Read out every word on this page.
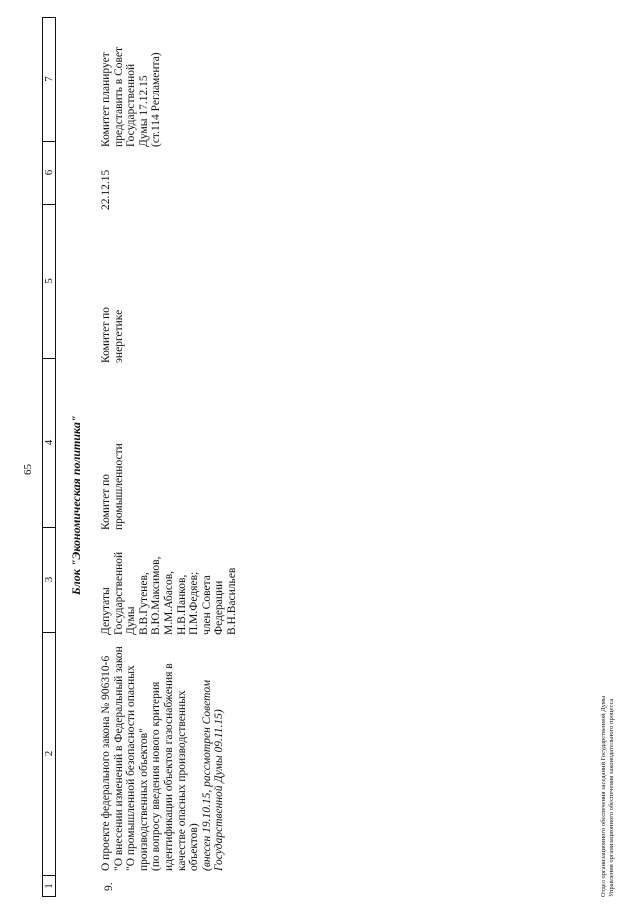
65
1
2
3
4
5
6
7
Блок "Экономическая политика"
9.
О проекте федерального закона № 906310-6 "О внесении изменений в Федеральный закон "О промышленной безопасности опасных производственных объектов" (по вопросу введения нового критерия идентификации объектов газоснабжения в качестве опасных производственных объектов) (внесен 19.10.15, рассмотрен Советом Государственной Думы 09.11.15)
Депутаты Государственной Думы В.В.Гутенев, В.Ю.Максимов, М.М.Абасов, Н.В.Панков, П.М.Федяев; член Совета Федерации В.Н.Васильев
Комитет по промышленности
Комитет по энергетике
22.12.15
Комитет планирует представить в Совет Государственной Думы 17.12.15 (ст.114 Регламента)
Отдел организационного обеспечения заседаний Государственной Думы Управления организационного обеспечения законодательного процесса
